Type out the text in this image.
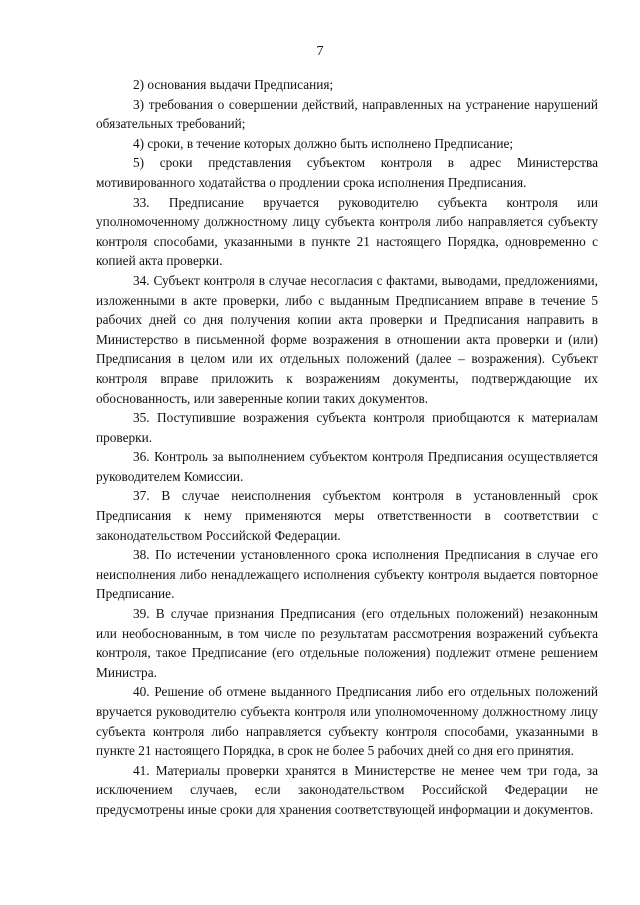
7

2) основания выдачи Предписания;

3) требования о совершении действий, направленных на устранение нарушений обязательных требований;

4) сроки, в течение которых должно быть исполнено Предписание;

5) сроки представления субъектом контроля в адрес Министерства мотивированного ходатайства о продлении срока исполнения Предписания.

33. Предписание вручается руководителю субъекта контроля или уполномоченному должностному лицу субъекта контроля либо направляется субъекту контроля способами, указанными в пункте 21 настоящего Порядка, одновременно с копией акта проверки.

34. Субъект контроля в случае несогласия с фактами, выводами, предложениями, изложенными в акте проверки, либо с выданным Предписанием вправе в течение 5 рабочих дней со дня получения копии акта проверки и Предписания направить в Министерство в письменной форме возражения в отношении акта проверки и (или) Предписания в целом или их отдельных положений (далее – возражения). Субъект контроля вправе приложить к возражениям документы, подтверждающие их обоснованность, или заверенные копии таких документов.

35. Поступившие возражения субъекта контроля приобщаются к материалам проверки.

36. Контроль за выполнением субъектом контроля Предписания осуществляется руководителем Комиссии.

37. В случае неисполнения субъектом контроля в установленный срок Предписания к нему применяются меры ответственности в соответствии с законодательством Российской Федерации.

38. По истечении установленного срока исполнения Предписания в случае его неисполнения либо ненадлежащего исполнения субъекту контроля выдается повторное Предписание.

39. В случае признания Предписания (его отдельных положений) незаконным или необоснованным, в том числе по результатам рассмотрения возражений субъекта контроля, такое Предписание (его отдельные положения) подлежит отмене решением Министра.

40. Решение об отмене выданного Предписания либо его отдельных положений вручается руководителю субъекта контроля или уполномоченному должностному лицу субъекта контроля либо направляется субъекту контроля способами, указанными в пункте 21 настоящего Порядка, в срок не более 5 рабочих дней со дня его принятия.

41. Материалы проверки хранятся в Министерстве не менее чем три года, за исключением случаев, если законодательством Российской Федерации не предусмотрены иные сроки для хранения соответствующей информации и документов.
